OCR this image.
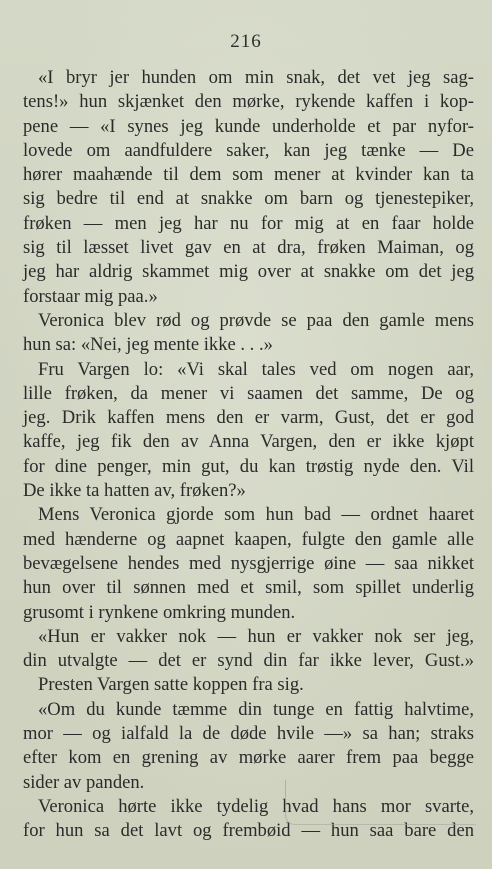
216
«I bryr jer hunden om min snak, det vet jeg sag-
tens!» hun skjænket den mørke, rykende kaffen i kop-
pene — «I synes jeg kunde underholde et par nyfor-
lovede om aandfuldere saker, kan jeg tænke — De
hører maahænde til dem som mener at kvinder kan ta
sig bedre til end at snakke om barn og tjenestepiker,
frøken — men jeg har nu for mig at en faar holde
sig til læsset livet gav en at dra, frøken Maiman, og
jeg har aldrig skammet mig over at snakke om det jeg
forstaar mig paa.»
Veronica blev rød og prøvde se paa den gamle mens
hun sa: «Nei, jeg mente ikke . . .»
Fru Vargen lo: «Vi skal tales ved om nogen aar,
lille frøken, da mener vi saamen det samme, De og
jeg. Drik kaffen mens den er varm, Gust, det er god
kaffe, jeg fik den av Anna Vargen, den er ikke kjøpt
for dine penger, min gut, du kan trøstig nyde den. Vil
De ikke ta hatten av, frøken?»
Mens Veronica gjorde som hun bad — ordnet haaret
med hænderne og aapnet kaapen, fulgte den gamle alle
bevægelsene hendes med nysgjerrige øine — saa nikket
hun over til sønnen med et smil, som spillet underlig
grusomt i rynkene omkring munden.
«Hun er vakker nok — hun er vakker nok ser jeg,
din utvalgte — det er synd din far ikke lever, Gust.»
Presten Vargen satte koppen fra sig.
«Om du kunde tæmme din tunge en fattig halvtime,
mor — og ialfald la de døde hvile —» sa han; straks
efter kom en grening av mørke aarer frem paa begge
sider av panden.
Veronica hørte ikke tydelig hvad hans mor svarte,
for hun sa det lavt og frembøid — hun saa bare den
